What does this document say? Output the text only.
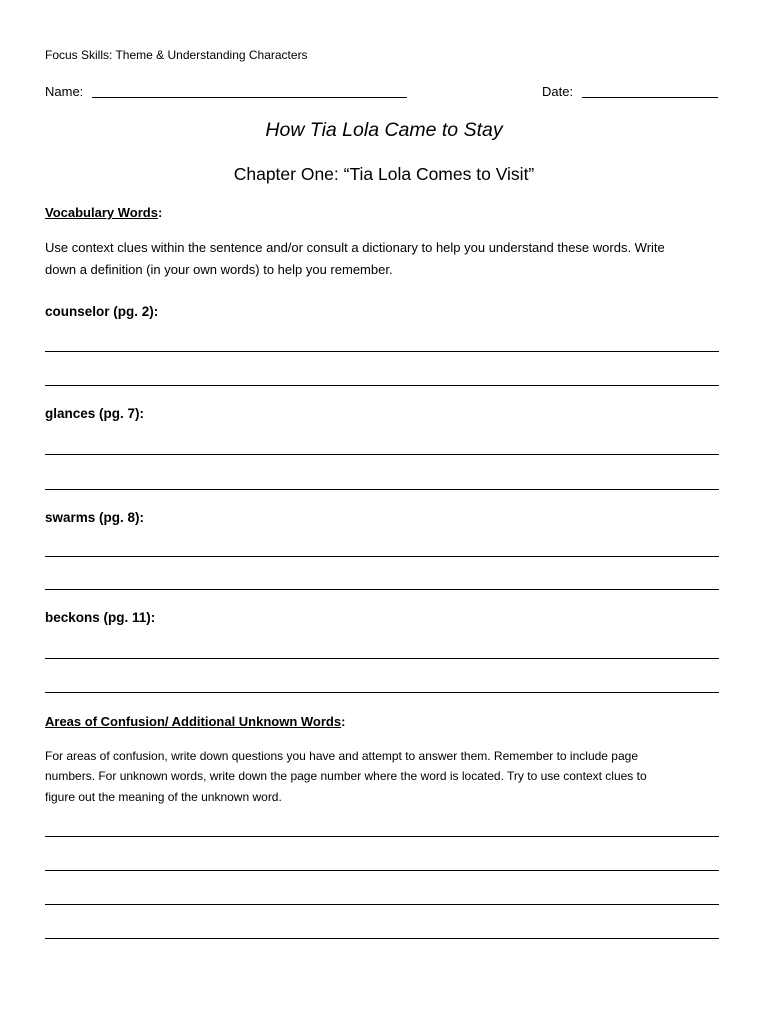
Focus Skills: Theme & Understanding Characters
Name:	Date:
How Tia Lola Came to Stay
Chapter One: “Tia Lola Comes to Visit”
Vocabulary Words:
Use context clues within the sentence and/or consult a dictionary to help you understand these words. Write
down a definition (in your own words) to help you remember.
counselor (pg. 2):
glances (pg. 7):
swarms (pg. 8):
beckons (pg. 11):
Areas of Confusion/ Additional Unknown Words:
For areas of confusion, write down questions you have and attempt to answer them. Remember to include page
numbers. For unknown words, write down the page number where the word is located. Try to use context clues to
figure out the meaning of the unknown word.
